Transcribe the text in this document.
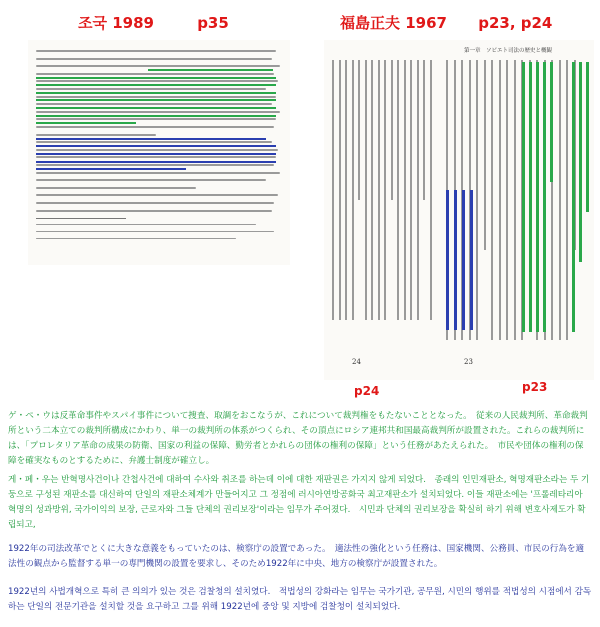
조국 1989	p35	福島正夫 1967 p23, p24
第一章　ソビエト司法の歴史と概観
24	23
p24	p23
ゲ・ペ・ウは反革命事件やスパイ事件について捜査、取調をおこなうが、これについて裁判権をもたないこととなった。　従来の人民裁判所、革命裁判所という二本立ての裁判所構成にかわり、単一の裁判所の体系がつくられ、その頂点にロシア連邦共和国最高裁判所が設置された。これらの裁判所には、「プロレタリア革命の成果の防衛、国家の利益の保障、勤労者とかれらの団体の権利の保障」という任務があたえられた。　市民や団体の権利の保障を確実なものとするために、弁護士制度が確立し。
게・페・우는 반혁명사건이나 간첩사건에 대하여 수사와 취조를 하는데 이에 대한 재판권은 가지지 않게 되었다.　종래의 인민재판소, 혁명재판소라는 두 기둥으로 구성된 재판소를 대신하여 단일의 재판소체계가 만들어지고 그 정점에 러시아연방공화국 최고재판소가 설치되었다. 이들 재판소에는 '프롤레타리아 혁명의 성과방위, 국가이익의 보장, 근로자와 그들 단체의 권리보장'이라는 임무가 주어졌다.　시민과 단체의 권리보장을 확실히 하기 위해 변호사제도가 확립되고,
1922年の司法改革でとくに大きな意義をもっていたのは、検察庁の設置であった。　適法性の強化という任務は、国家機関、公務員、市民の行為を適法性の観点から監督する単一の専門機関の設置を要求し、そのため1922年に中央、地方の検察庁が設置された。
1922년의 사법개혁으로 특히 큰 의의가 있는 것은 검찰청의 설치였다.　적법성의 강화라는 임무는 국가기관, 공무원, 시민의 행위를 적법성의 시점에서 감독하는 단일의 전문기관을 설치할 것을 요구하고 그를 위해 1922년에 중앙 및 지방에 검찰청이 설치되었다.
